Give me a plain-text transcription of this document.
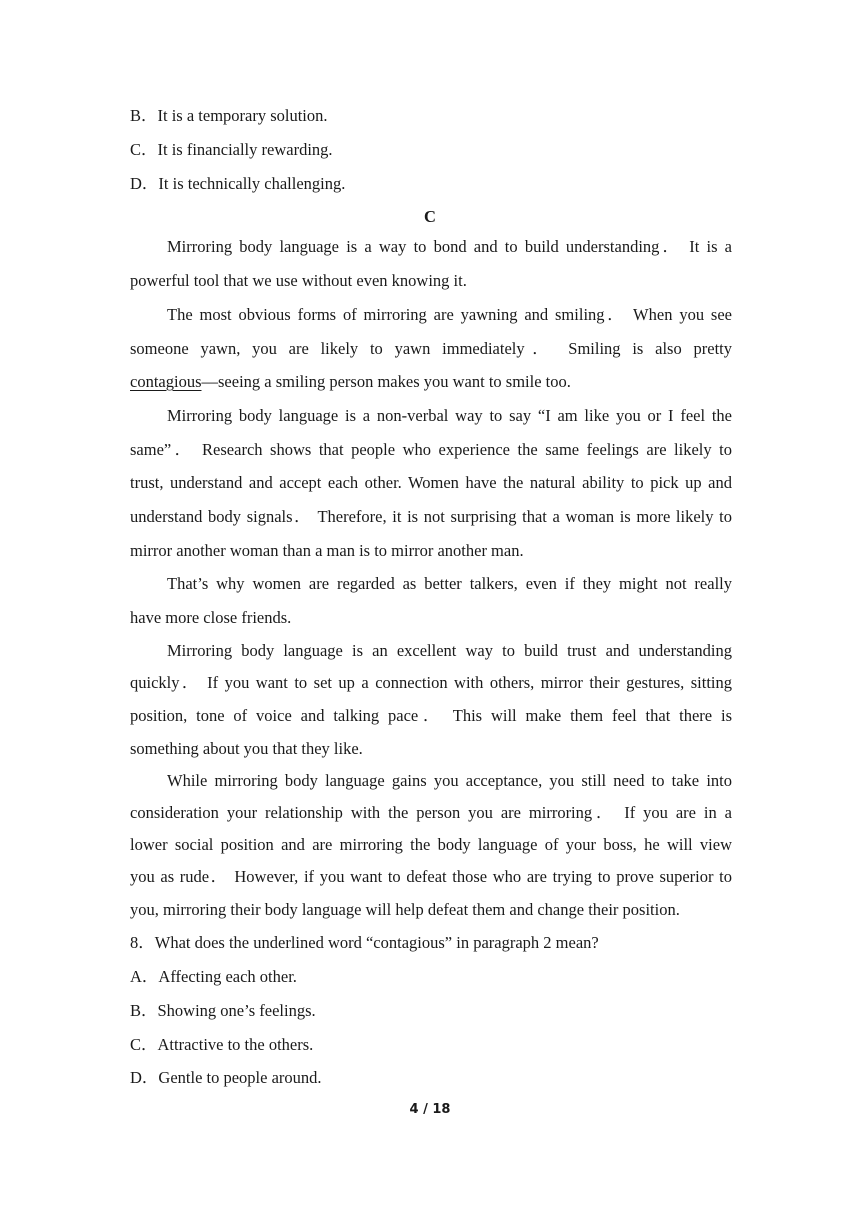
B．It is a temporary solution.
C．It is financially rewarding.
D．It is technically challenging.
C
Mirroring body language is a way to bond and to build understanding． It is a
powerful tool that we use without even knowing it.
The most obvious forms of mirroring are yawning and smiling． When you see
someone yawn, you are likely to yawn immediately． Smiling is also pretty
contagious—seeing a smiling person makes you want to smile too.
Mirroring body language is a non-verbal way to say “I am like you or I feel the
same”． Research shows that people who experience the same feelings are likely to
trust, understand and accept each other. Women have the natural ability to pick up and
understand body signals． Therefore, it is not surprising that a woman is more likely to
mirror another woman than a man is to mirror another man.
That’s why women are regarded as better talkers, even if they might not really
have more close friends.
Mirroring body language is an excellent way to build trust and understanding
quickly． If you want to set up a connection with others, mirror their gestures, sitting
position, tone of voice and talking pace． This will make them feel that there is
something about you that they like.
While mirroring body language gains you acceptance, you still need to take into
consideration your relationship with the person you are mirroring． If you are in a
lower social position and are mirroring the body language of your boss, he will view
you as rude． However, if you want to defeat those who are trying to prove superior to
you, mirroring their body language will help defeat them and change their position.
8．What does the underlined word “contagious” in paragraph 2 mean?
A．Affecting each other.
B．Showing one’s feelings.
C．Attractive to the others.
D．Gentle to people around.
4 / 18
